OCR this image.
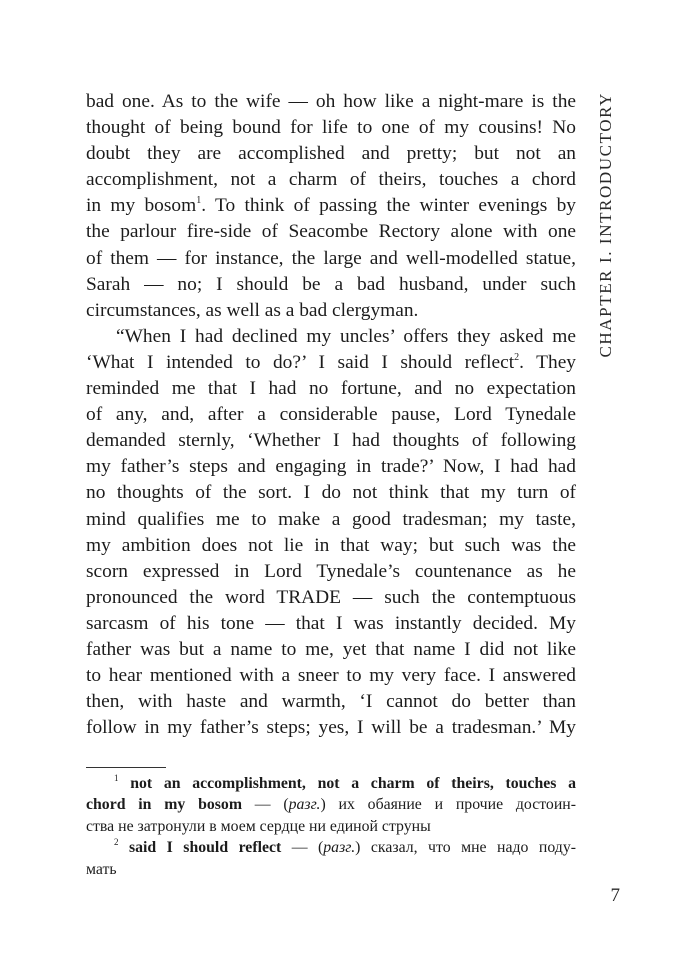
bad one. As to the wife — oh how like a night-mare is the
thought of being bound for life to one of my cousins! No
doubt they are accomplished and pretty; but not an
accomplishment, not a charm of theirs, touches a chord
in my bosom$^1$. To think of passing the winter evenings by
the parlour fire-side of Seacombe Rectory alone with one
of them — for instance, the large and well-modelled statue,
Sarah — no; I should be a bad husband, under such
circumstances, as well as a bad clergyman.
“When I had declined my uncles’ offers they asked me
‘What I intended to do?’ I said I should reflect$^2$. They
reminded me that I had no fortune, and no expectation
of any, and, after a considerable pause, Lord Tynedale
demanded sternly, ‘Whether I had thoughts of following
my father’s steps and engaging in trade?’ Now, I had had
no thoughts of the sort. I do not think that my turn of
mind qualifies me to make a good tradesman; my taste,
my ambition does not lie in that way; but such was the
scorn expressed in Lord Tynedale’s countenance as he
pronounced the word TRADE — such the contemptuous
sarcasm of his tone — that I was instantly decided. My
father was but a name to me, yet that name I did not like
to hear mentioned with a sneer to my very face. I answered
then, with haste and warmth, ‘I cannot do better than
follow in my father’s steps; yes, I will be a tradesman.’ My
CHAPTER I. INTRODUCTORY
$^1$ not an accomplishment, not a charm of theirs, touches a
chord in my bosom — (разг.) их обаяние и прочие достоин-
ства не затронули в моем сердце ни единой струны
$^2$ said I should reflect — (разг.) сказал, что мне надо поду-
мать
7
